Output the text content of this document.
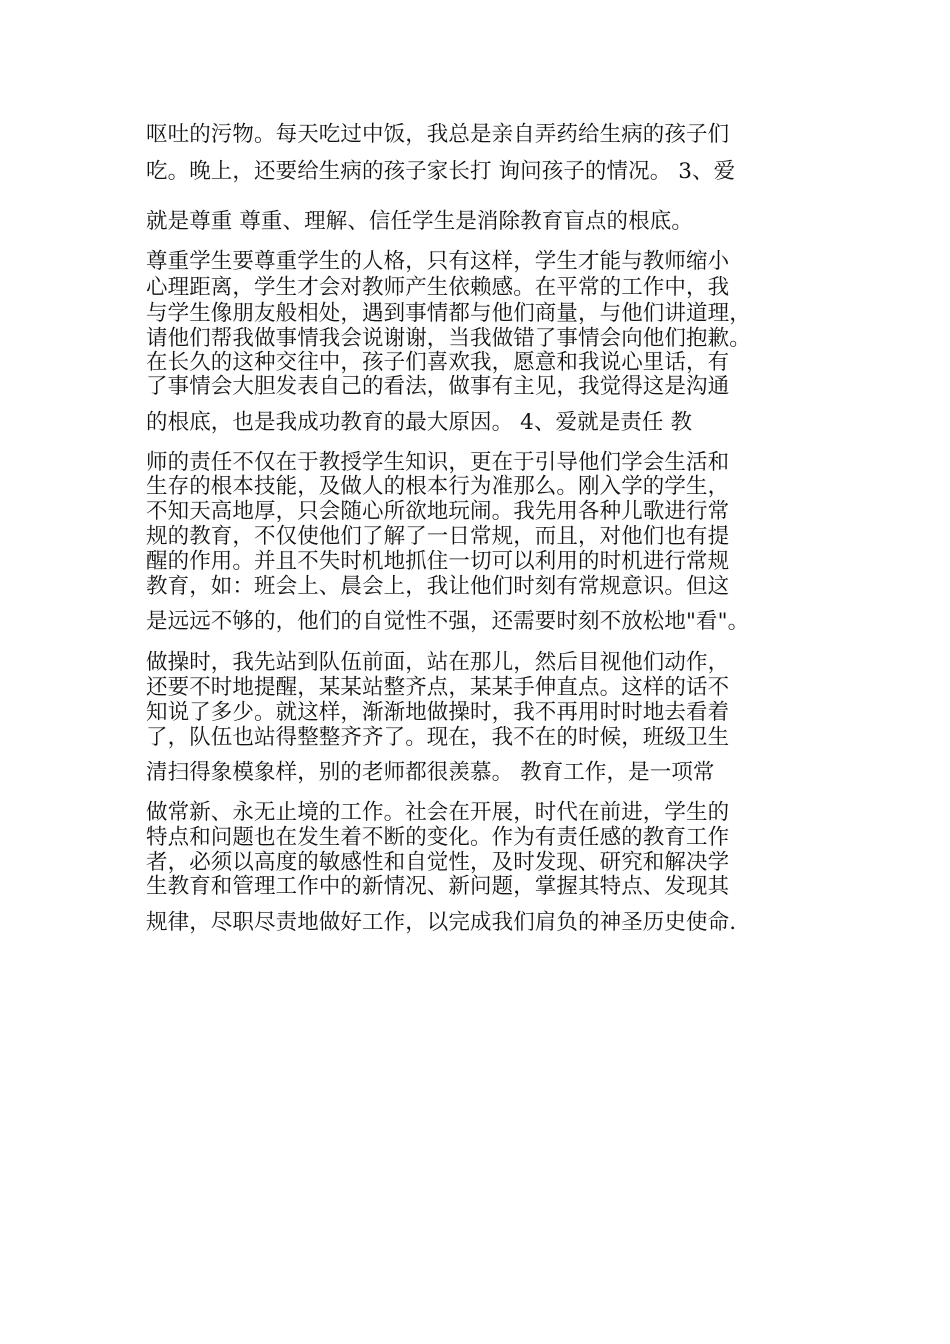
呕吐的污物。每天吃过中饭，我总是亲自弄药给生病的孩子们
吃。晚上，还要给生病的孩子家长打 询问孩子的情况。 3、爱
就是尊重 尊重、理解、信任学生是消除教育盲点的根底。
尊重学生要尊重学生的人格，只有这样，学生才能与教师缩小
心理距离，学生才会对教师产生依赖感。在平常的工作中，我
与学生像朋友般相处，遇到事情都与他们商量，与他们讲道理，
请他们帮我做事情我会说谢谢，当我做错了事情会向他们抱歉。
在长久的这种交往中，孩子们喜欢我，愿意和我说心里话，有
了事情会大胆发表自己的看法，做事有主见，我觉得这是沟通
的根底，也是我成功教育的最大原因。 4、爱就是责任 教
师的责任不仅在于教授学生知识，更在于引导他们学会生活和
生存的根本技能，及做人的根本行为准那么。刚入学的学生，
不知天高地厚，只会随心所欲地玩闹。我先用各种儿歌进行常
规的教育，不仅使他们了解了一日常规，而且，对他们也有提
醒的作用。并且不失时机地抓住一切可以利用的时机进行常规
教育，如：班会上、晨会上，我让他们时刻有常规意识。但这
是远远不够的，他们的自觉性不强，还需要时刻不放松地"看"。
做操时，我先站到队伍前面，站在那儿，然后目视他们动作，
还要不时地提醒，某某站整齐点，某某手伸直点。这样的话不
知说了多少。就这样，渐渐地做操时，我不再用时时地去看着
了，队伍也站得整整齐齐了。现在，我不在的时候，班级卫生
清扫得象模象样，别的老师都很羡慕。 教育工作，是一项常
做常新、永无止境的工作。社会在开展，时代在前进，学生的
特点和问题也在发生着不断的变化。作为有责任感的教育工作
者，必须以高度的敏感性和自觉性，及时发现、研究和解决学
生教育和管理工作中的新情况、新问题，掌握其特点、发现其
规律，尽职尽责地做好工作，以完成我们肩负的神圣历史使命.
